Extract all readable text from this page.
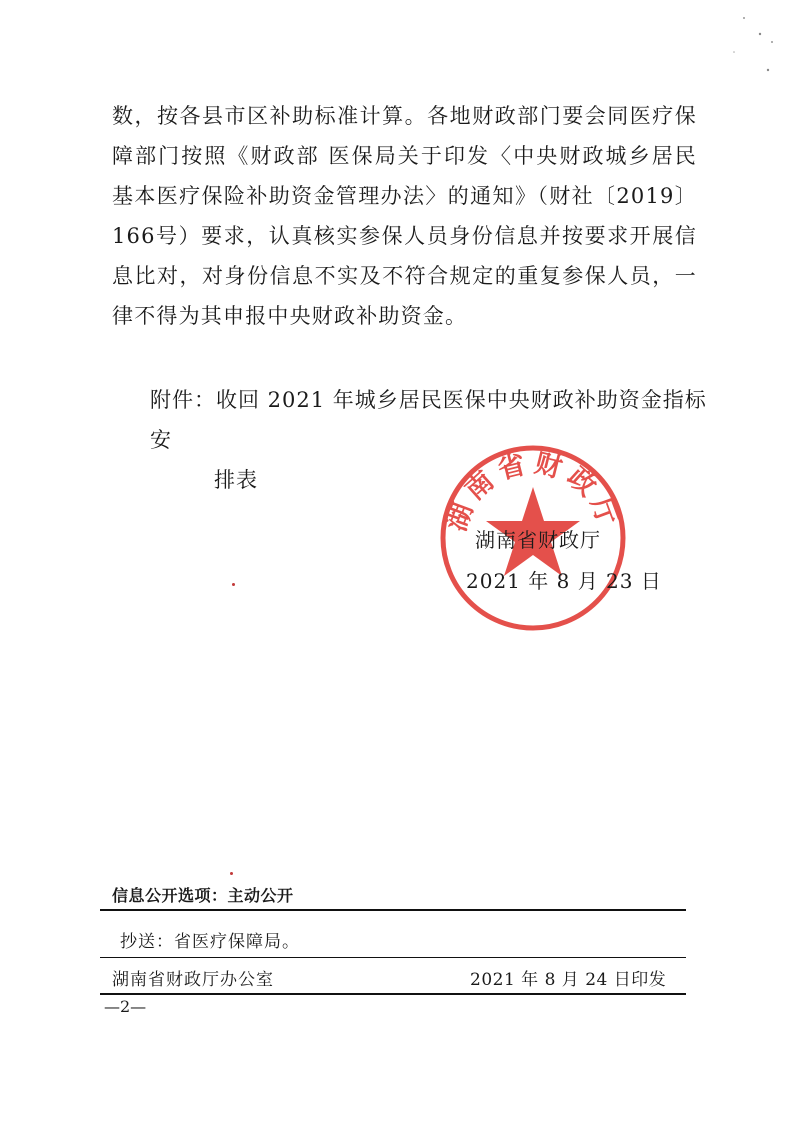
数，按各县市区补助标准计算。各地财政部门要会同医疗保障部门按照《财政部 医保局关于印发〈中央财政城乡居民基本医疗保险补助资金管理办法〉的通知》（财社〔2019〕166号）要求，认真核实参保人员身份信息并按要求开展信息比对，对身份信息不实及不符合规定的重复参保人员，一律不得为其申报中央财政补助资金。

附件：收回 2021 年城乡居民医保中央财政补助资金指标安
排表
湖南省财政厅
湖南省财政厅
2021 年 8 月 23 日
信息公开选项：主动公开
抄送：省医疗保障局。
湖南省财政厅办公室	2021 年 8 月 24 日印发
—2—
